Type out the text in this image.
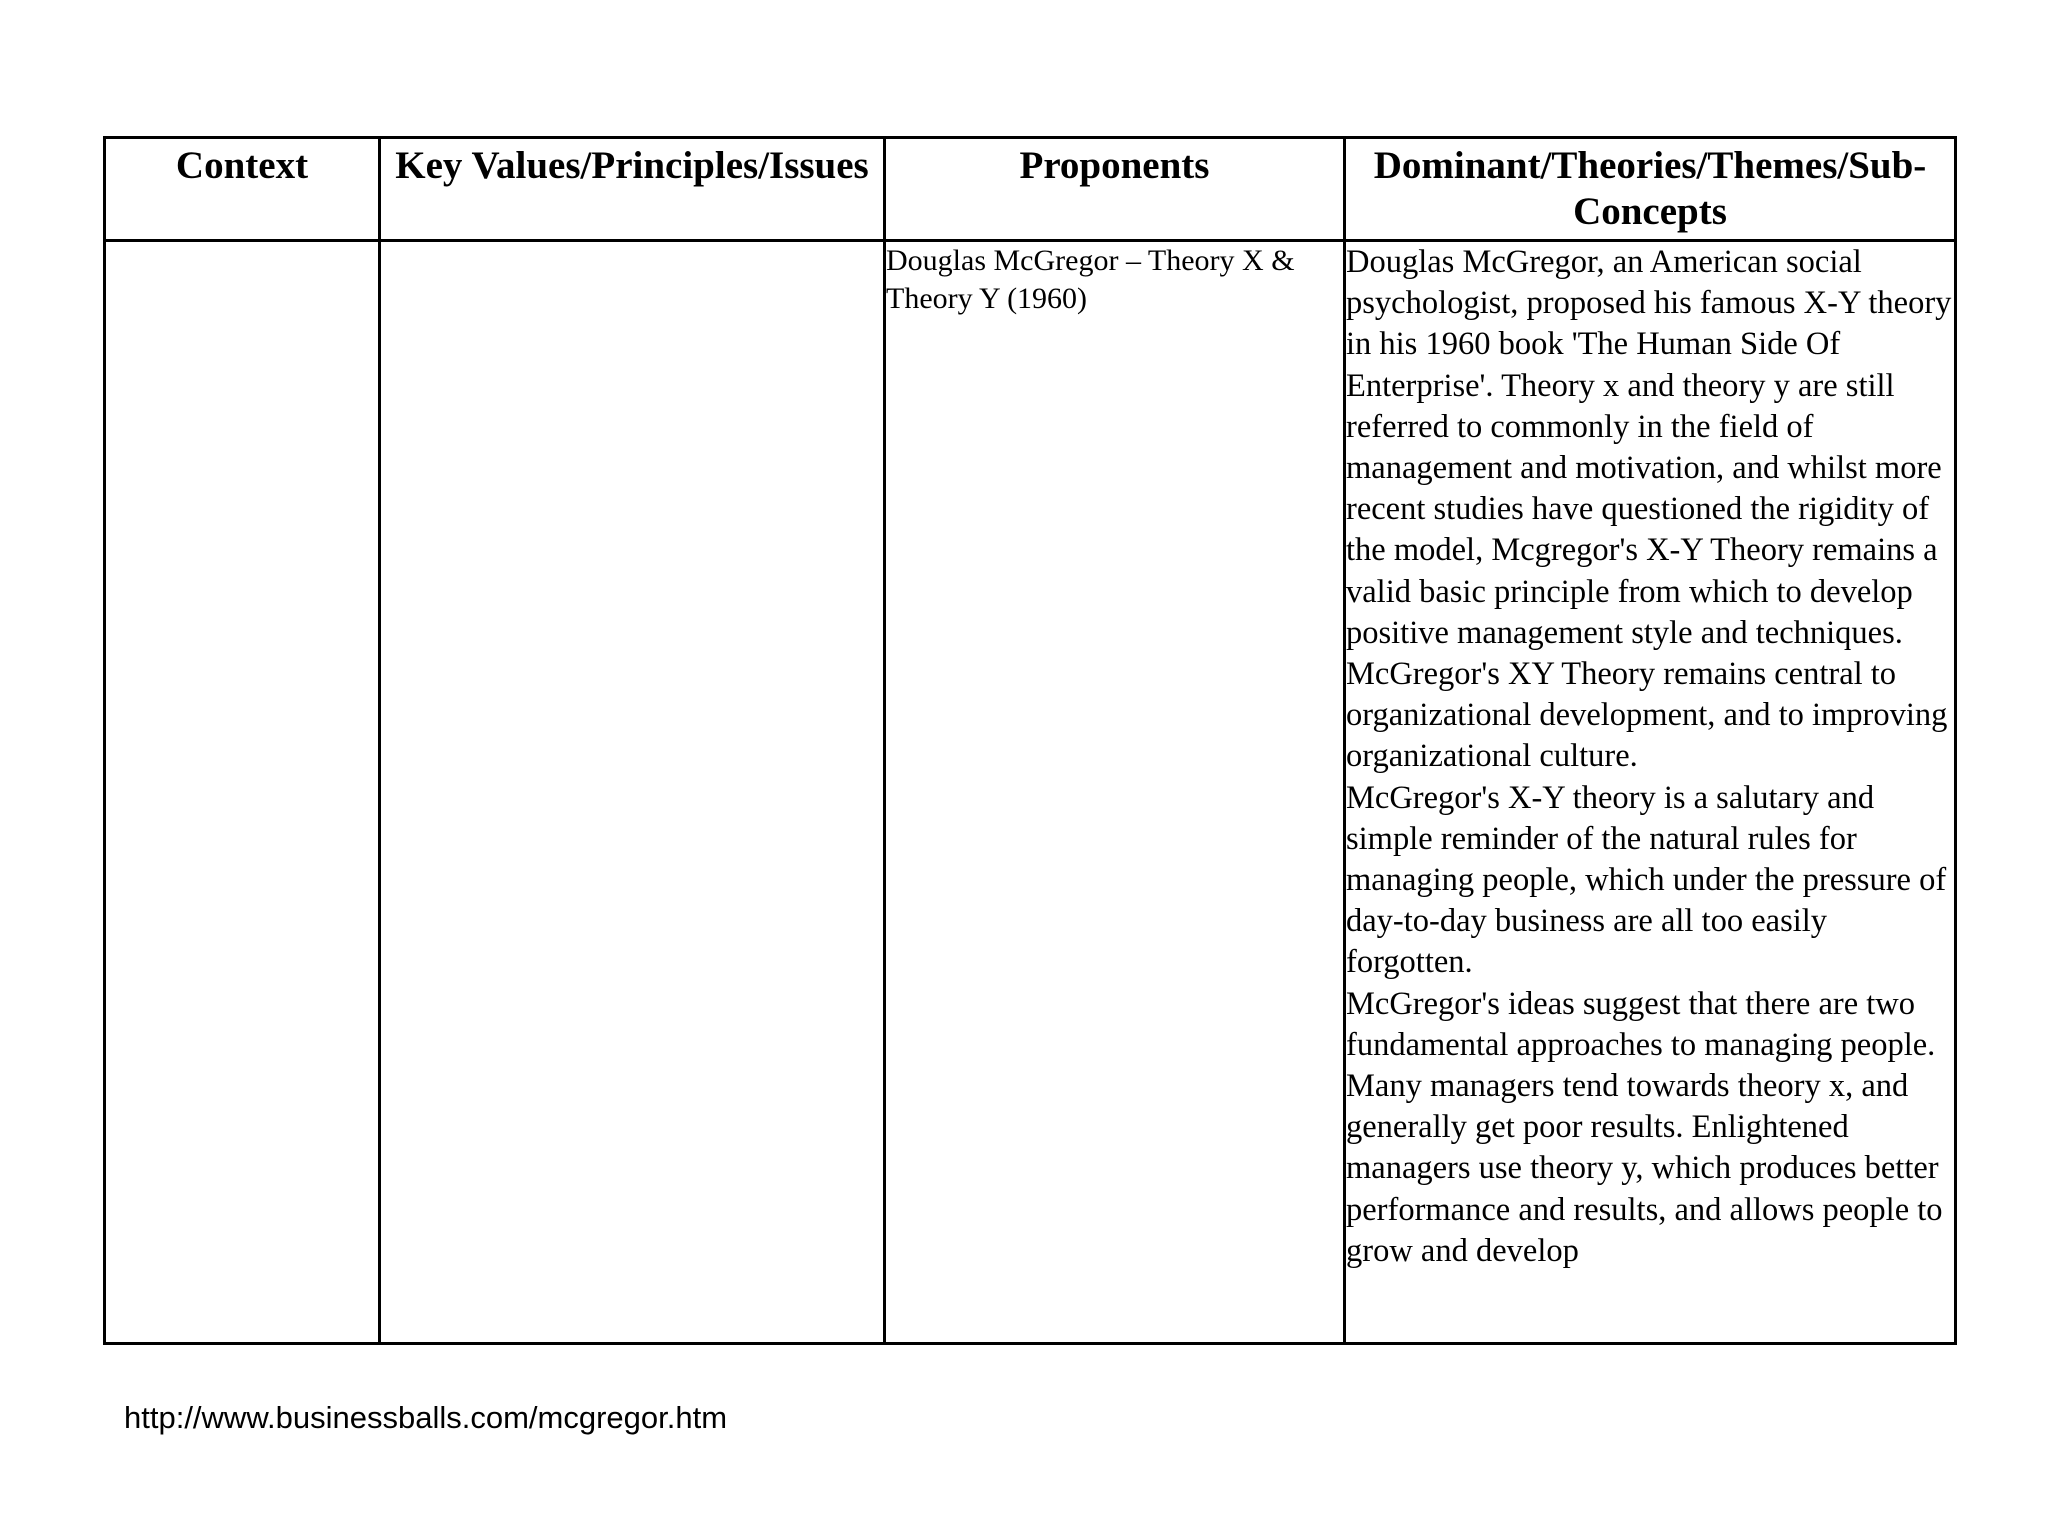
Context	Key Values/Principles/Issues	Proponents	Dominant/Theories/Themes/Sub-Concepts
		Douglas McGregor – Theory X & Theory Y (1960)	Douglas McGregor, an American social psychologist, proposed his famous X-Y theory in his 1960 book 'The Human Side Of Enterprise'. Theory x and theory y are still referred to commonly in the field of management and motivation, and whilst more recent studies have questioned the rigidity of the model, Mcgregor's X-Y Theory remains a valid basic principle from which to develop positive management style and techniques.
McGregor's XY Theory remains central to organizational development, and to improving organizational culture.
McGregor's X-Y theory is a salutary and simple reminder of the natural rules for managing people, which under the pressure of day-to-day business are all too easily forgotten.
McGregor's ideas suggest that there are two fundamental approaches to managing people. Many managers tend towards theory x, and generally get poor results. Enlightened managers use theory y, which produces better performance and results, and allows people to grow and develop
http://www.businessballs.com/mcgregor.htm
